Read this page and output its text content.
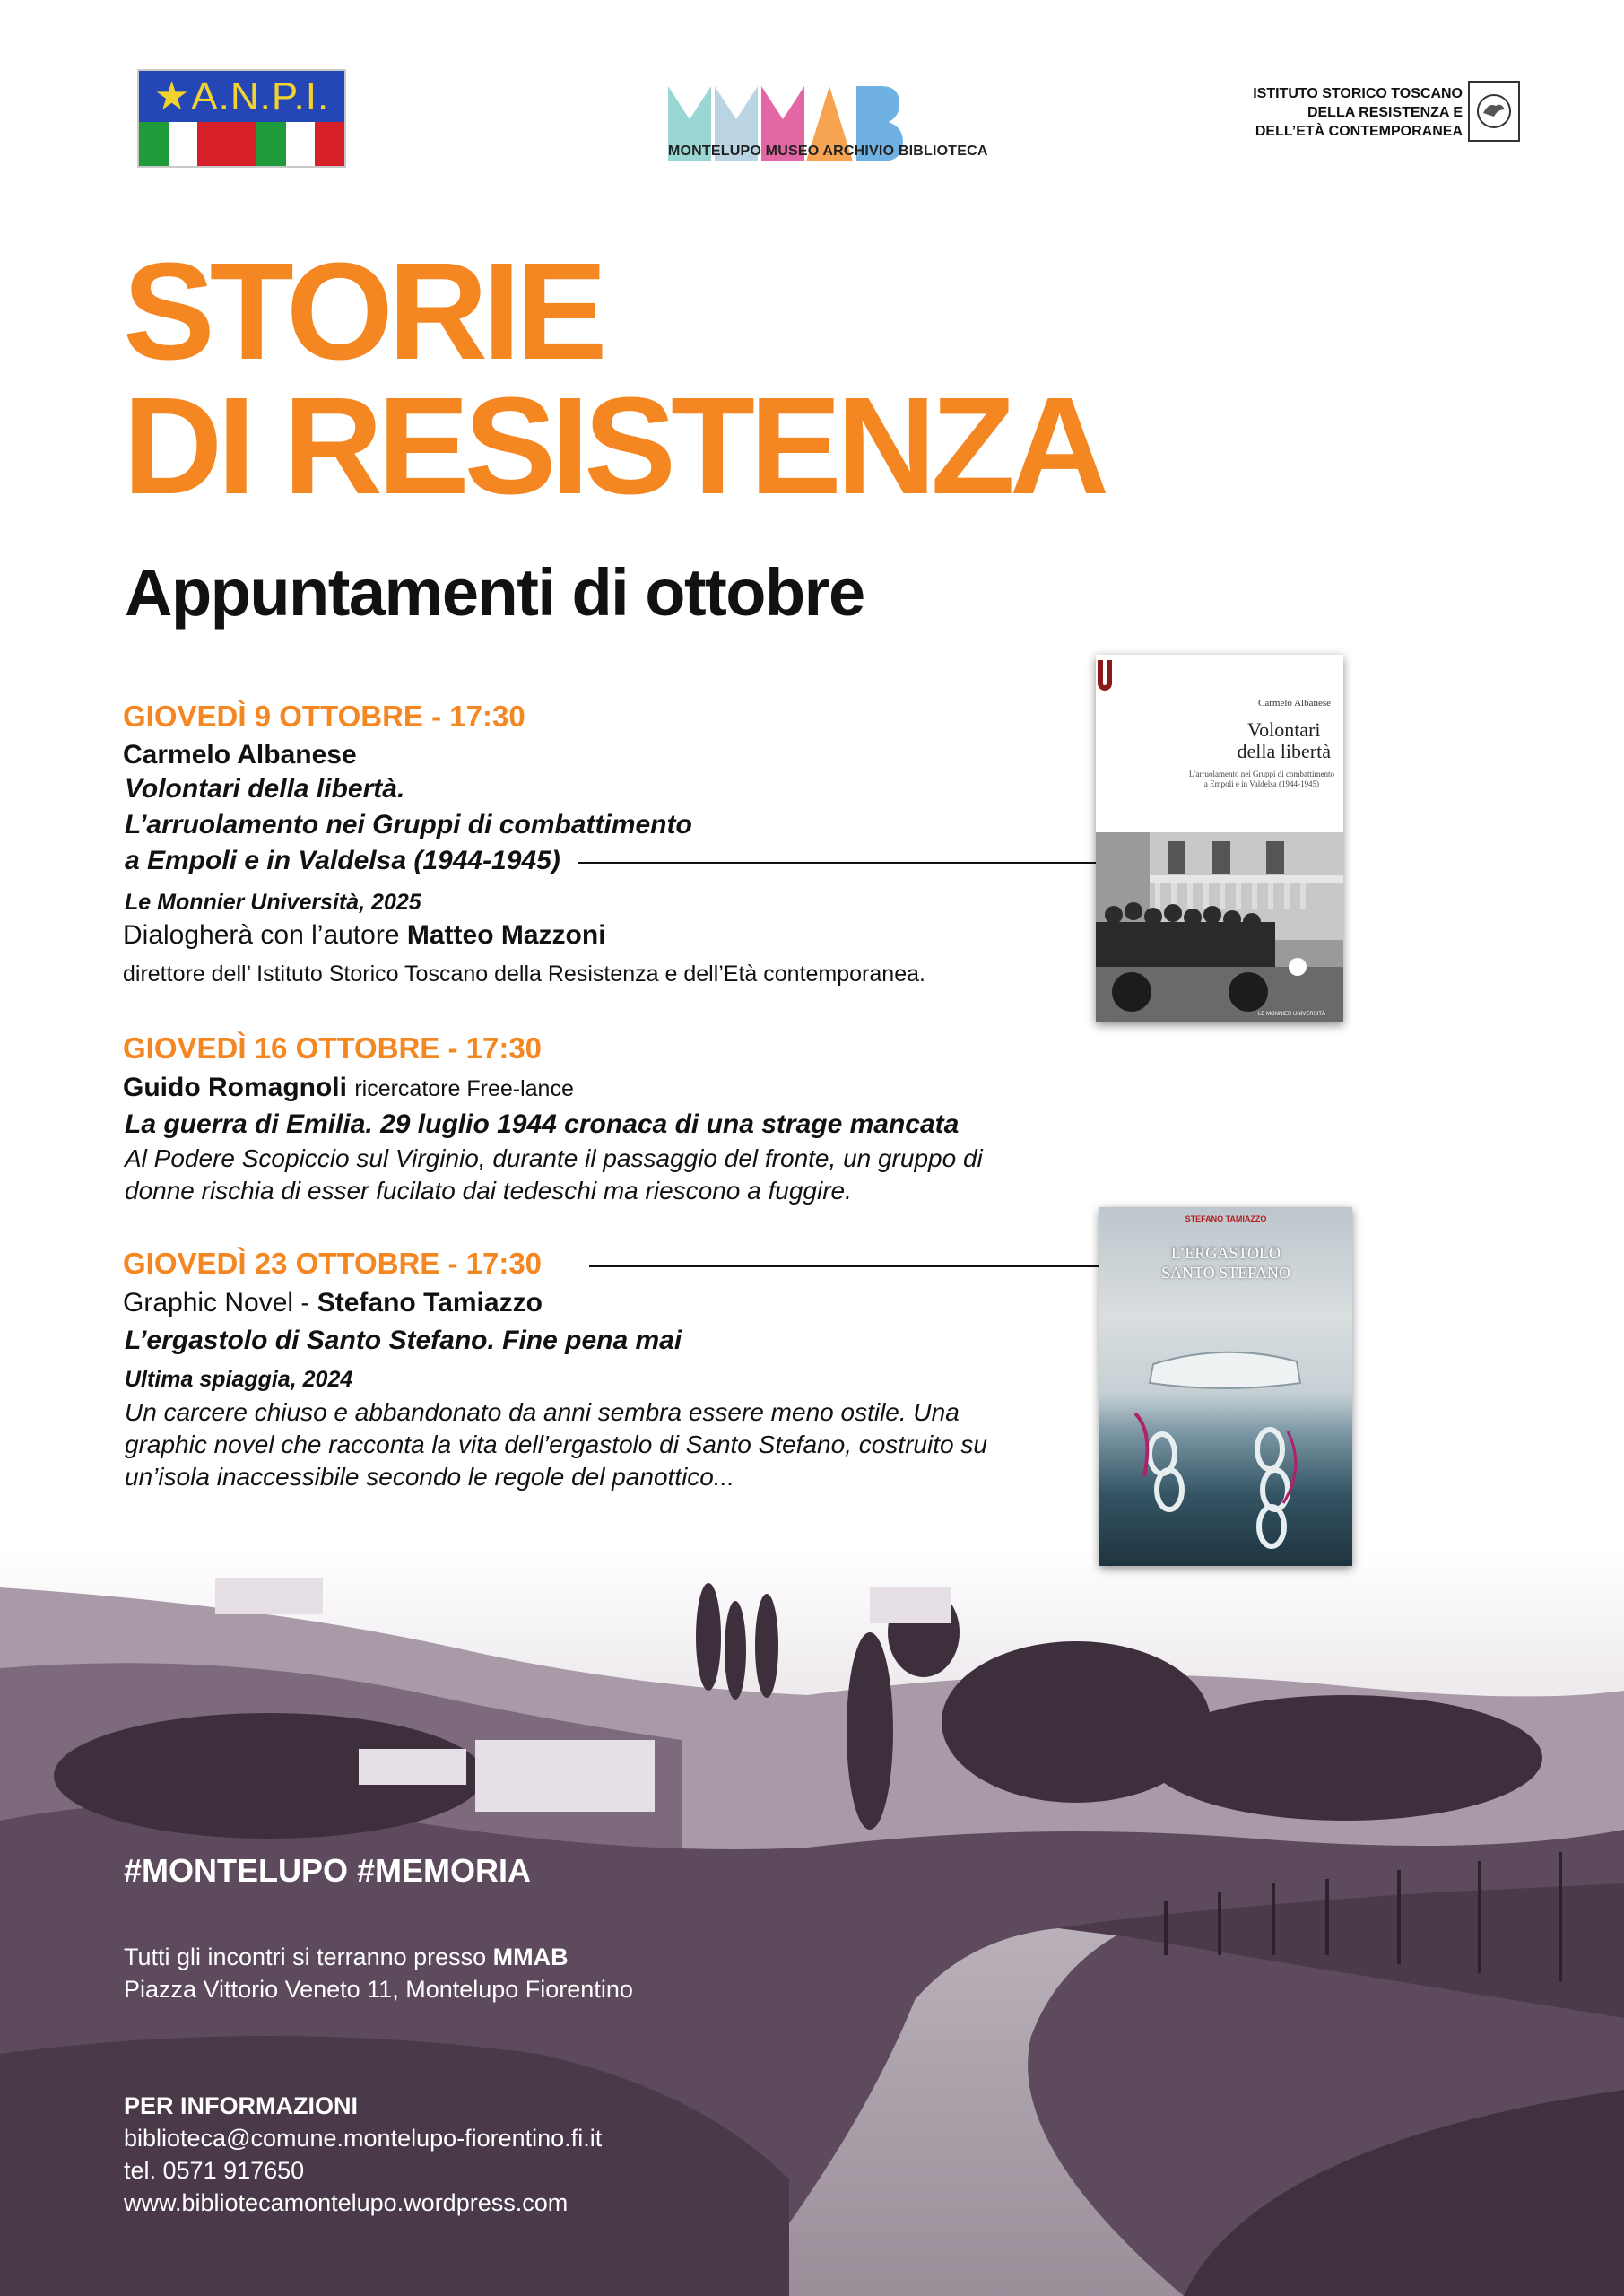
★ A.N.P.I.
MONTELUPO MUSEO ARCHIVIO BIBLIOTECA
ISTITUTO STORICO TOSCANO
DELLA RESISTENZA E
DELL’ETÀ CONTEMPORANEA
STORIE
DI RESISTENZA
Appuntamenti di ottobre
GIOVEDÌ 9 OTTOBRE - 17:30
Carmelo Albanese
Volontari della libertà.
L’arruolamento nei Gruppi di combattimento
a Empoli e in Valdelsa (1944-1945)
Le Monnier Università, 2025
Dialogherà con l’autore Matteo Mazzoni
direttore dell’ Istituto Storico Toscano della Resistenza e dell’Età contemporanea.
Carmelo Albanese
Volontari
della libertà
L’arruolamento nei Gruppi di combattimento
a Empoli e in Valdelsa (1944-1945)
LE MONNIER UNIVERSITÀ
GIOVEDÌ 16 OTTOBRE - 17:30
Guido Romagnoli ricercatore Free-lance
La guerra di Emilia. 29 luglio 1944 cronaca di una strage mancata
Al Podere Scopiccio sul Virginio, durante il passaggio del fronte, un gruppo di
donne rischia di esser fucilato dai tedeschi ma riescono a fuggire.
GIOVEDÌ 23 OTTOBRE - 17:30
Graphic Novel - Stefano Tamiazzo
L’ergastolo di Santo Stefano. Fine pena mai
Ultima spiaggia, 2024
Un carcere chiuso e abbandonato da anni sembra essere meno ostile. Una
graphic novel che racconta la vita dell’ergastolo di Santo Stefano, costruito su
un’isola inaccessibile secondo le regole del panottico...
#MONTELUPO #MEMORIA
Tutti gli incontri si terranno presso MMAB
Piazza Vittorio Veneto 11, Montelupo Fiorentino
PER INFORMAZIONI
biblioteca@comune.montelupo-fiorentino.fi.it
tel. 0571 917650
www.bibliotecamontelupo.wordpress.com
STEFANO TAMIAZZO
L’ERGASTOLO
SANTO STEFANO
